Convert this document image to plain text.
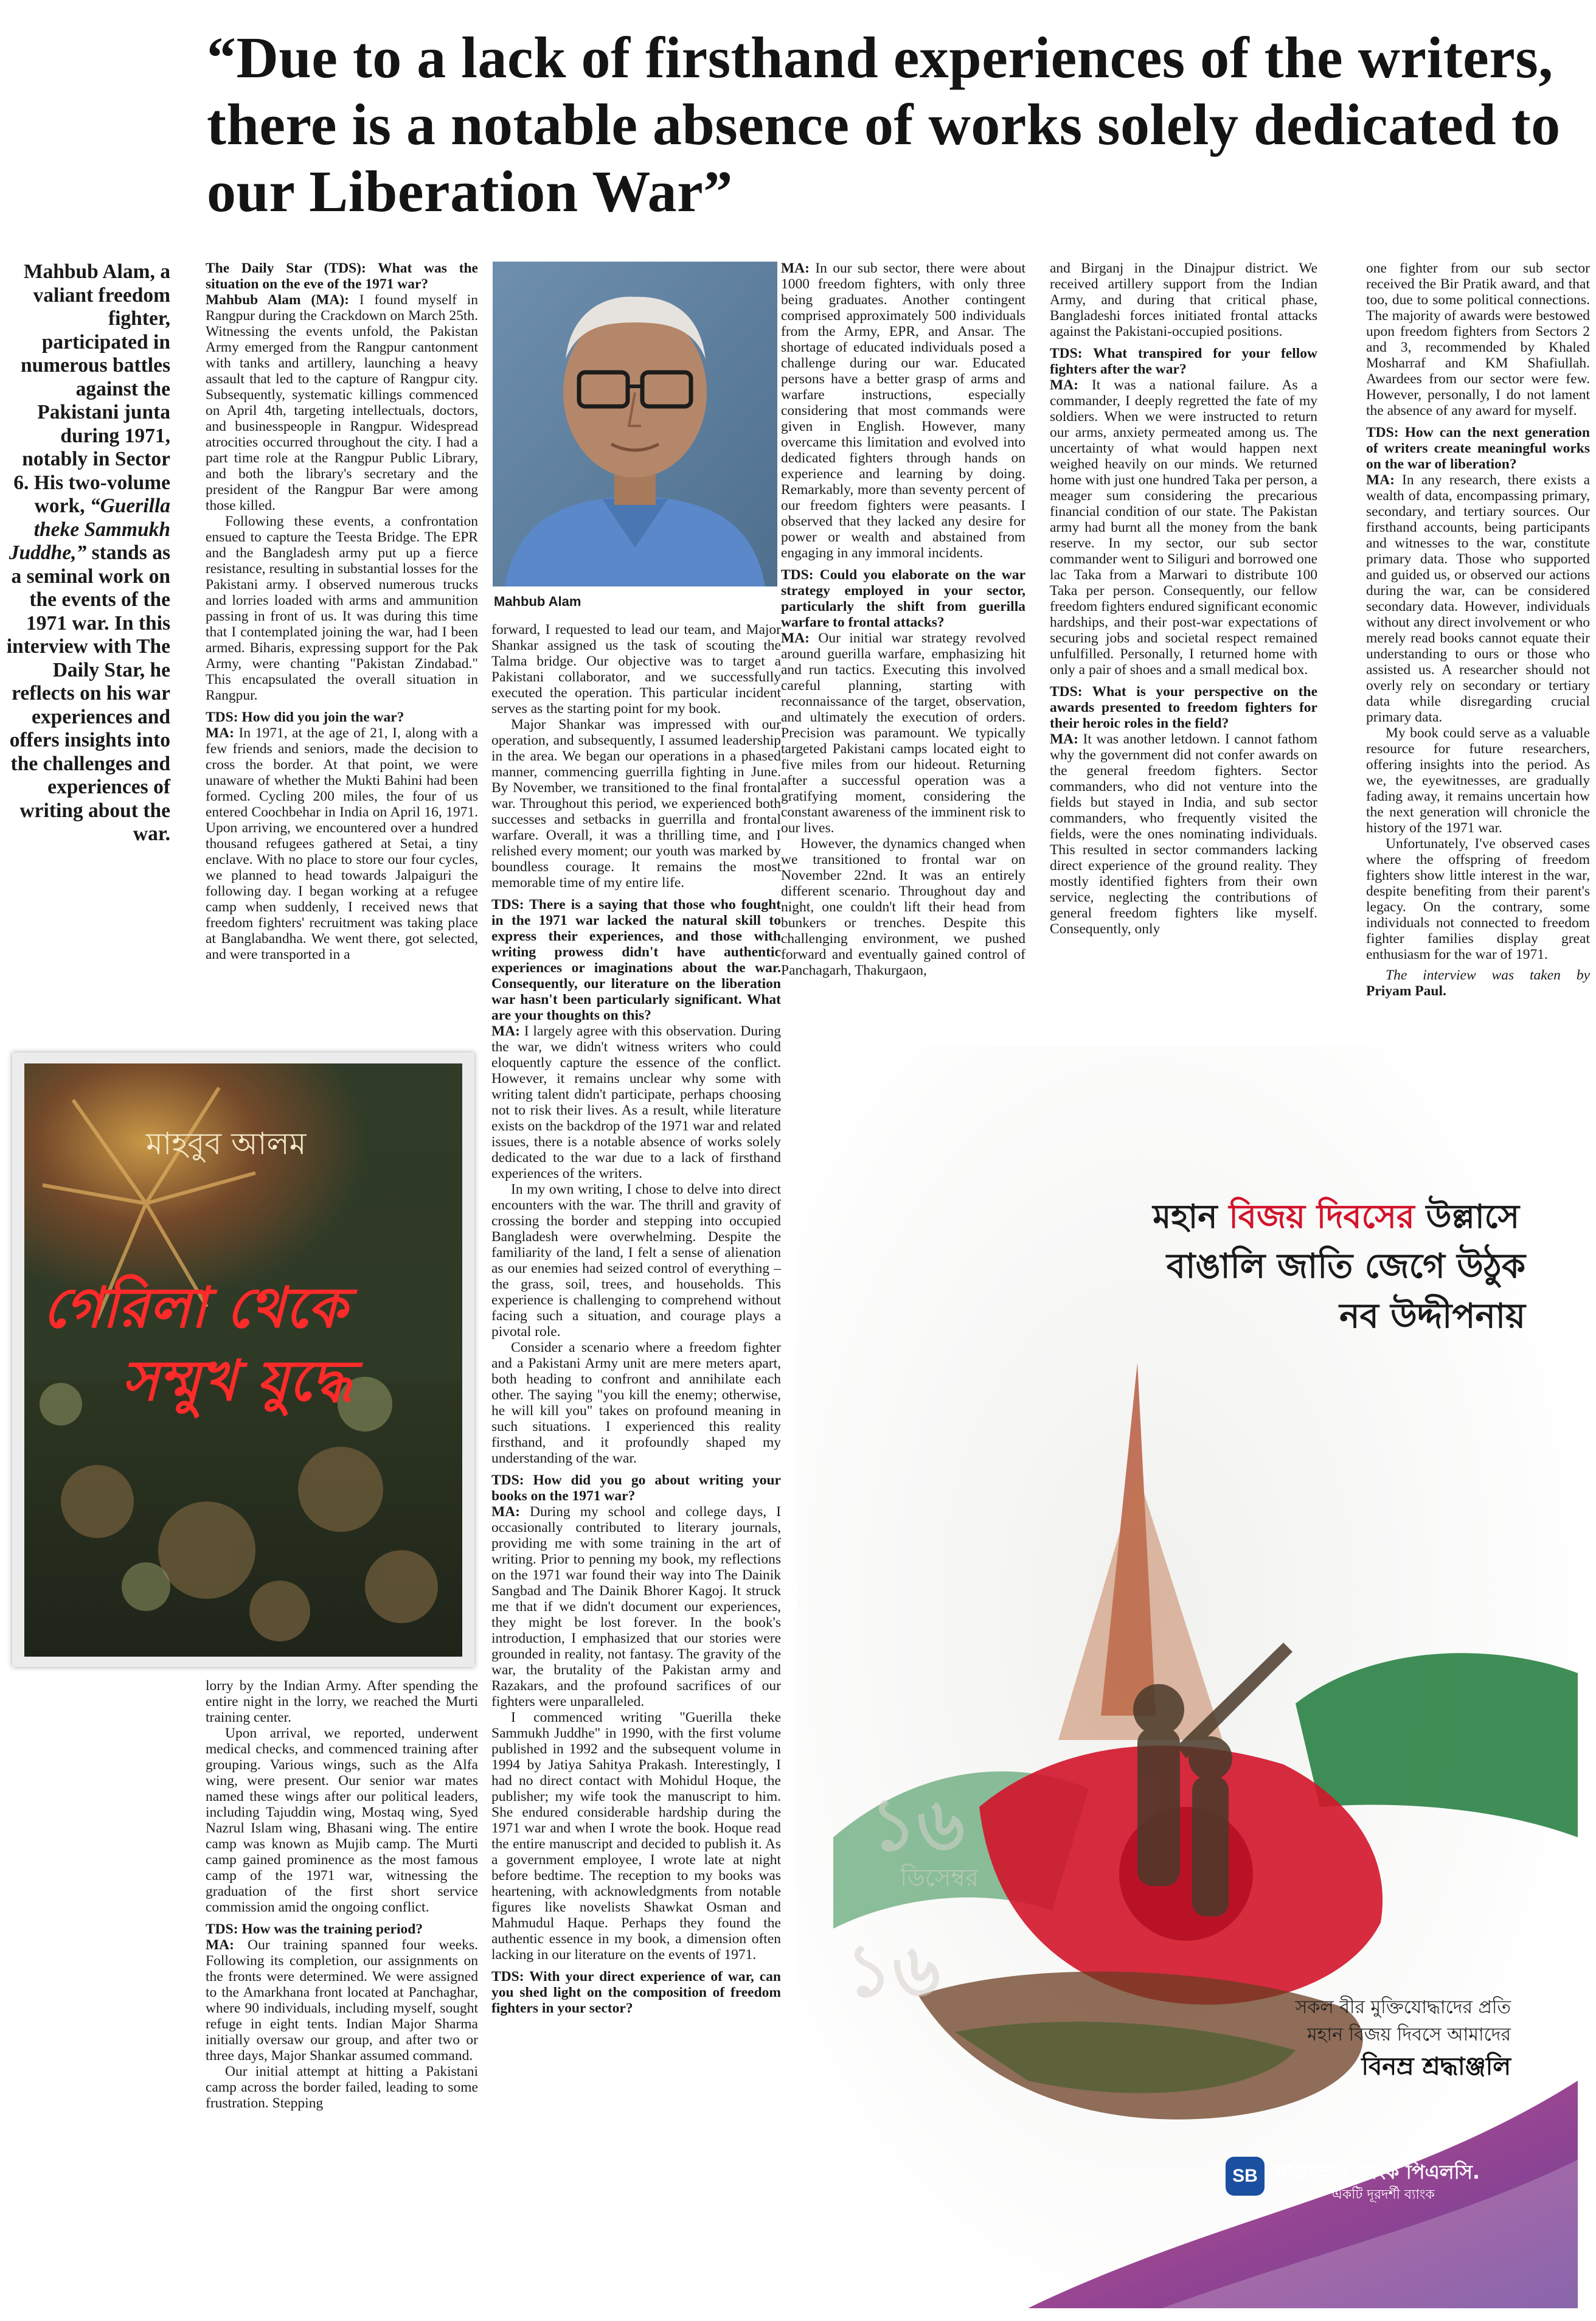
“Due to a lack of firsthand experiences of the writers, there is a notable absence of works solely dedicated to our Liberation War”
Mahbub Alam, a valiant freedom fighter, participated in numerous battles against the Pakistani junta during 1971, notably in Sector 6. His two-volume work, “Guerilla theke Sammukh Juddhe,” stands as a seminal work on the events of the 1971 war. In this interview with The Daily Star, he reflects on his war experiences and offers insights into the challenges and experiences of writing about the war.

The Daily Star (TDS): What was the situation on the eve of the 1971 war?

Mahbub Alam (MA): I found myself in Rangpur during the Crackdown on March 25th. Witnessing the events unfold, the Pakistan Army emerged from the Rangpur cantonment with tanks and artillery, launching a heavy assault that led to the capture of Rangpur city. Subsequently, systematic killings commenced on April 4th, targeting intellectuals, doctors, and businesspeople in Rangpur. Widespread atrocities occurred throughout the city. I had a part time role at the Rangpur Public Library, and both the library's secretary and the president of the Rangpur Bar were among those killed.

Following these events, a confrontation ensued to capture the Teesta Bridge. The EPR and the Bangladesh army put up a fierce resistance, resulting in substantial losses for the Pakistani army. I observed numerous trucks and lorries loaded with arms and ammunition passing in front of us. It was during this time that I contemplated joining the war, had I been armed. Biharis, expressing support for the Pak Army, were chanting "Pakistan Zindabad." This encapsulated the overall situation in Rangpur.

TDS: How did you join the war?

MA: In 1971, at the age of 21, I, along with a few friends and seniors, made the decision to cross the border. At that point, we were unaware of whether the Mukti Bahini had been formed. Cycling 200 miles, the four of us entered Coochbehar in India on April 16, 1971. Upon arriving, we encountered over a hundred thousand refugees gathered at Setai, a tiny enclave. With no place to store our four cycles, we planned to head towards Jalpaiguri the following day. I began working at a refugee camp when suddenly, I received news that freedom fighters' recruitment was taking place at Banglabandha. We went there, got selected, and were transported in a

lorry by the Indian Army. After spending the entire night in the lorry, we reached the Murti training center.

Upon arrival, we reported, underwent medical checks, and commenced training after grouping. Various wings, such as the Alfa wing, were present. Our senior war mates named these wings after our political leaders, including Tajuddin wing, Mostaq wing, Syed Nazrul Islam wing, Bhasani wing. The entire camp was known as Mujib camp. The Murti camp gained prominence as the most famous camp of the 1971 war, witnessing the graduation of the first short service commission amid the ongoing conflict.

TDS: How was the training period?

MA: Our training spanned four weeks. Following its completion, our assignments on the fronts were determined. We were assigned to the Amarkhana front located at Panchaghar, where 90 individuals, including myself, sought refuge in eight tents. Indian Major Sharma initially oversaw our group, and after two or three days, Major Shankar assumed command.

Our initial attempt at hitting a Pakistani camp across the border failed, leading to some frustration. Stepping

Mahbub Alam

forward, I requested to lead our team, and Major Shankar assigned us the task of scouting the Talma bridge. Our objective was to target a Pakistani collaborator, and we successfully executed the operation. This particular incident serves as the starting point for my book.

Major Shankar was impressed with our operation, and subsequently, I assumed leadership in the area. We began our operations in a phased manner, commencing guerrilla fighting in June. By November, we transitioned to the final frontal war. Throughout this period, we experienced both successes and setbacks in guerrilla and frontal warfare. Overall, it was a thrilling time, and I relished every moment; our youth was marked by boundless courage. It remains the most memorable time of my entire life.

TDS: There is a saying that those who fought in the 1971 war lacked the natural skill to express their experiences, and those with writing prowess didn't have authentic experiences or imaginations about the war. Consequently, our literature on the liberation war hasn't been particularly significant. What are your thoughts on this?

MA: I largely agree with this observation. During the war, we didn't witness writers who could eloquently capture the essence of the conflict. However, it remains unclear why some with writing talent didn't participate, perhaps choosing not to risk their lives. As a result, while literature exists on the backdrop of the 1971 war and related issues, there is a notable absence of works solely dedicated to the war due to a lack of firsthand experiences of the writers.

In my own writing, I chose to delve into direct encounters with the war. The thrill and gravity of crossing the border and stepping into occupied Bangladesh were overwhelming. Despite the familiarity of the land, I felt a sense of alienation as our enemies had seized control of everything – the grass, soil, trees, and households. This experience is challenging to comprehend without facing such a situation, and courage plays a pivotal role.

Consider a scenario where a freedom fighter and a Pakistani Army unit are mere meters apart, both heading to confront and annihilate each other. The saying "you kill the enemy; otherwise, he will kill you" takes on profound meaning in such situations. I experienced this reality firsthand, and it profoundly shaped my understanding of the war.

TDS: How did you go about writing your books on the 1971 war?

MA: During my school and college days, I occasionally contributed to literary journals, providing me with some training in the art of writing. Prior to penning my book, my reflections on the 1971 war found their way into The Dainik Sangbad and The Dainik Bhorer Kagoj. It struck me that if we didn't document our experiences, they might be lost forever. In the book's introduction, I emphasized that our stories were grounded in reality, not fantasy. The gravity of the war, the brutality of the Pakistan army and Razakars, and the profound sacrifices of our fighters were unparalleled.

I commenced writing "Guerilla theke Sammukh Juddhe" in 1990, with the first volume published in 1992 and the subsequent volume in 1994 by Jatiya Sahitya Prakash. Interestingly, I had no direct contact with Mohidul Hoque, the publisher; my wife took the manuscript to him. She endured considerable hardship during the 1971 war and when I wrote the book. Hoque read the entire manuscript and decided to publish it. As a government employee, I wrote late at night before bedtime. The reception to my books was heartening, with acknowledgments from notable figures like novelists Shawkat Osman and Mahmudul Haque. Perhaps they found the authentic essence in my book, a dimension often lacking in our literature on the events of 1971.

TDS: With your direct experience of war, can you shed light on the composition of freedom fighters in your sector?

MA: In our sub sector, there were about 1000 freedom fighters, with only three being graduates. Another contingent comprised approximately 500 individuals from the Army, EPR, and Ansar. The shortage of educated individuals posed a challenge during our war. Educated persons have a better grasp of arms and warfare instructions, especially considering that most commands were given in English. However, many overcame this limitation and evolved into dedicated fighters through hands on experience and learning by doing. Remarkably, more than seventy percent of our freedom fighters were peasants. I observed that they lacked any desire for power or wealth and abstained from engaging in any immoral incidents.

TDS: Could you elaborate on the war strategy employed in your sector, particularly the shift from guerilla warfare to frontal attacks?

MA: Our initial war strategy revolved around guerilla warfare, emphasizing hit and run tactics. Executing this involved careful planning, starting with reconnaissance of the target, observation, and ultimately the execution of orders. Precision was paramount. We typically targeted Pakistani camps located eight to five miles from our hideout. Returning after a successful operation was a gratifying moment, considering the constant awareness of the imminent risk to our lives.

However, the dynamics changed when we transitioned to frontal war on November 22nd. It was an entirely different scenario. Throughout day and night, one couldn't lift their head from bunkers or trenches. Despite this challenging environment, we pushed forward and eventually gained control of Panchagarh, Thakurgaon,

and Birganj in the Dinajpur district. We received artillery support from the Indian Army, and during that critical phase, Bangladeshi forces initiated frontal attacks against the Pakistani-occupied positions.

TDS: What transpired for your fellow fighters after the war?

MA: It was a national failure. As a commander, I deeply regretted the fate of my soldiers. When we were instructed to return our arms, anxiety permeated among us. The uncertainty of what would happen next weighed heavily on our minds. We returned home with just one hundred Taka per person, a meager sum considering the precarious financial condition of our state. The Pakistan army had burnt all the money from the bank reserve. In my sector, our sub sector commander went to Siliguri and borrowed one lac Taka from a Marwari to distribute 100 Taka per person. Consequently, our fellow freedom fighters endured significant economic hardships, and their post-war expectations of securing jobs and societal respect remained unfulfilled. Personally, I returned home with only a pair of shoes and a small medical box.

TDS: What is your perspective on the awards presented to freedom fighters for their heroic roles in the field?

MA: It was another letdown. I cannot fathom why the government did not confer awards on the general freedom fighters. Sector commanders, who did not venture into the fields but stayed in India, and sub sector commanders, who frequently visited the fields, were the ones nominating individuals. This resulted in sector commanders lacking direct experience of the ground reality. They mostly identified fighters from their own service, neglecting the contributions of general freedom fighters like myself. Consequently, only

one fighter from our sub sector received the Bir Pratik award, and that too, due to some political connections. The majority of awards were bestowed upon freedom fighters from Sectors 2 and 3, recommended by Khaled Mosharraf and KM Shafiullah. Awardees from our sector were few. However, personally, I do not lament the absence of any award for myself.

TDS: How can the next generation of writers create meaningful works on the war of liberation?

MA: In any research, there exists a wealth of data, encompassing primary, secondary, and tertiary sources. Our firsthand accounts, being participants and witnesses to the war, constitute primary data. Those who supported and guided us, or observed our actions during the war, can be considered secondary data. However, individuals without any direct involvement or who merely read books cannot equate their understanding to ours or those who assisted us. A researcher should not overly rely on secondary or tertiary data while disregarding crucial primary data.

My book could serve as a valuable resource for future researchers, offering insights into the period. As we, the eyewitnesses, are gradually fading away, it remains uncertain how the next generation will chronicle the history of the 1971 war.

Unfortunately, I've observed cases where the offspring of freedom fighters show little interest in the war, despite benefiting from their parent's legacy. On the contrary, some individuals not connected to freedom fighter families display great enthusiasm for the war of 1971.

The interview was taken by Priyam Paul.

মাহবুব আলম
গেরিলা থেকে
সম্মুখ যুদ্ধে
১৬
১৬
ডিসেম্বর
মহান বিজয় দিবসের উল্লাসে
বাঙালি জাতি জেগে উঠুক
নব উদ্দীপনায়
সকল বীর মুক্তিযোদ্ধাদের প্রতি
মহান বিজয় দিবসে আমাদের
বিনম্র শ্রদ্ধাঞ্জলি
SB সাউথইস্ট ব্যাংক পিএলসি.
একটি দূরদর্শী ব্যাংক
